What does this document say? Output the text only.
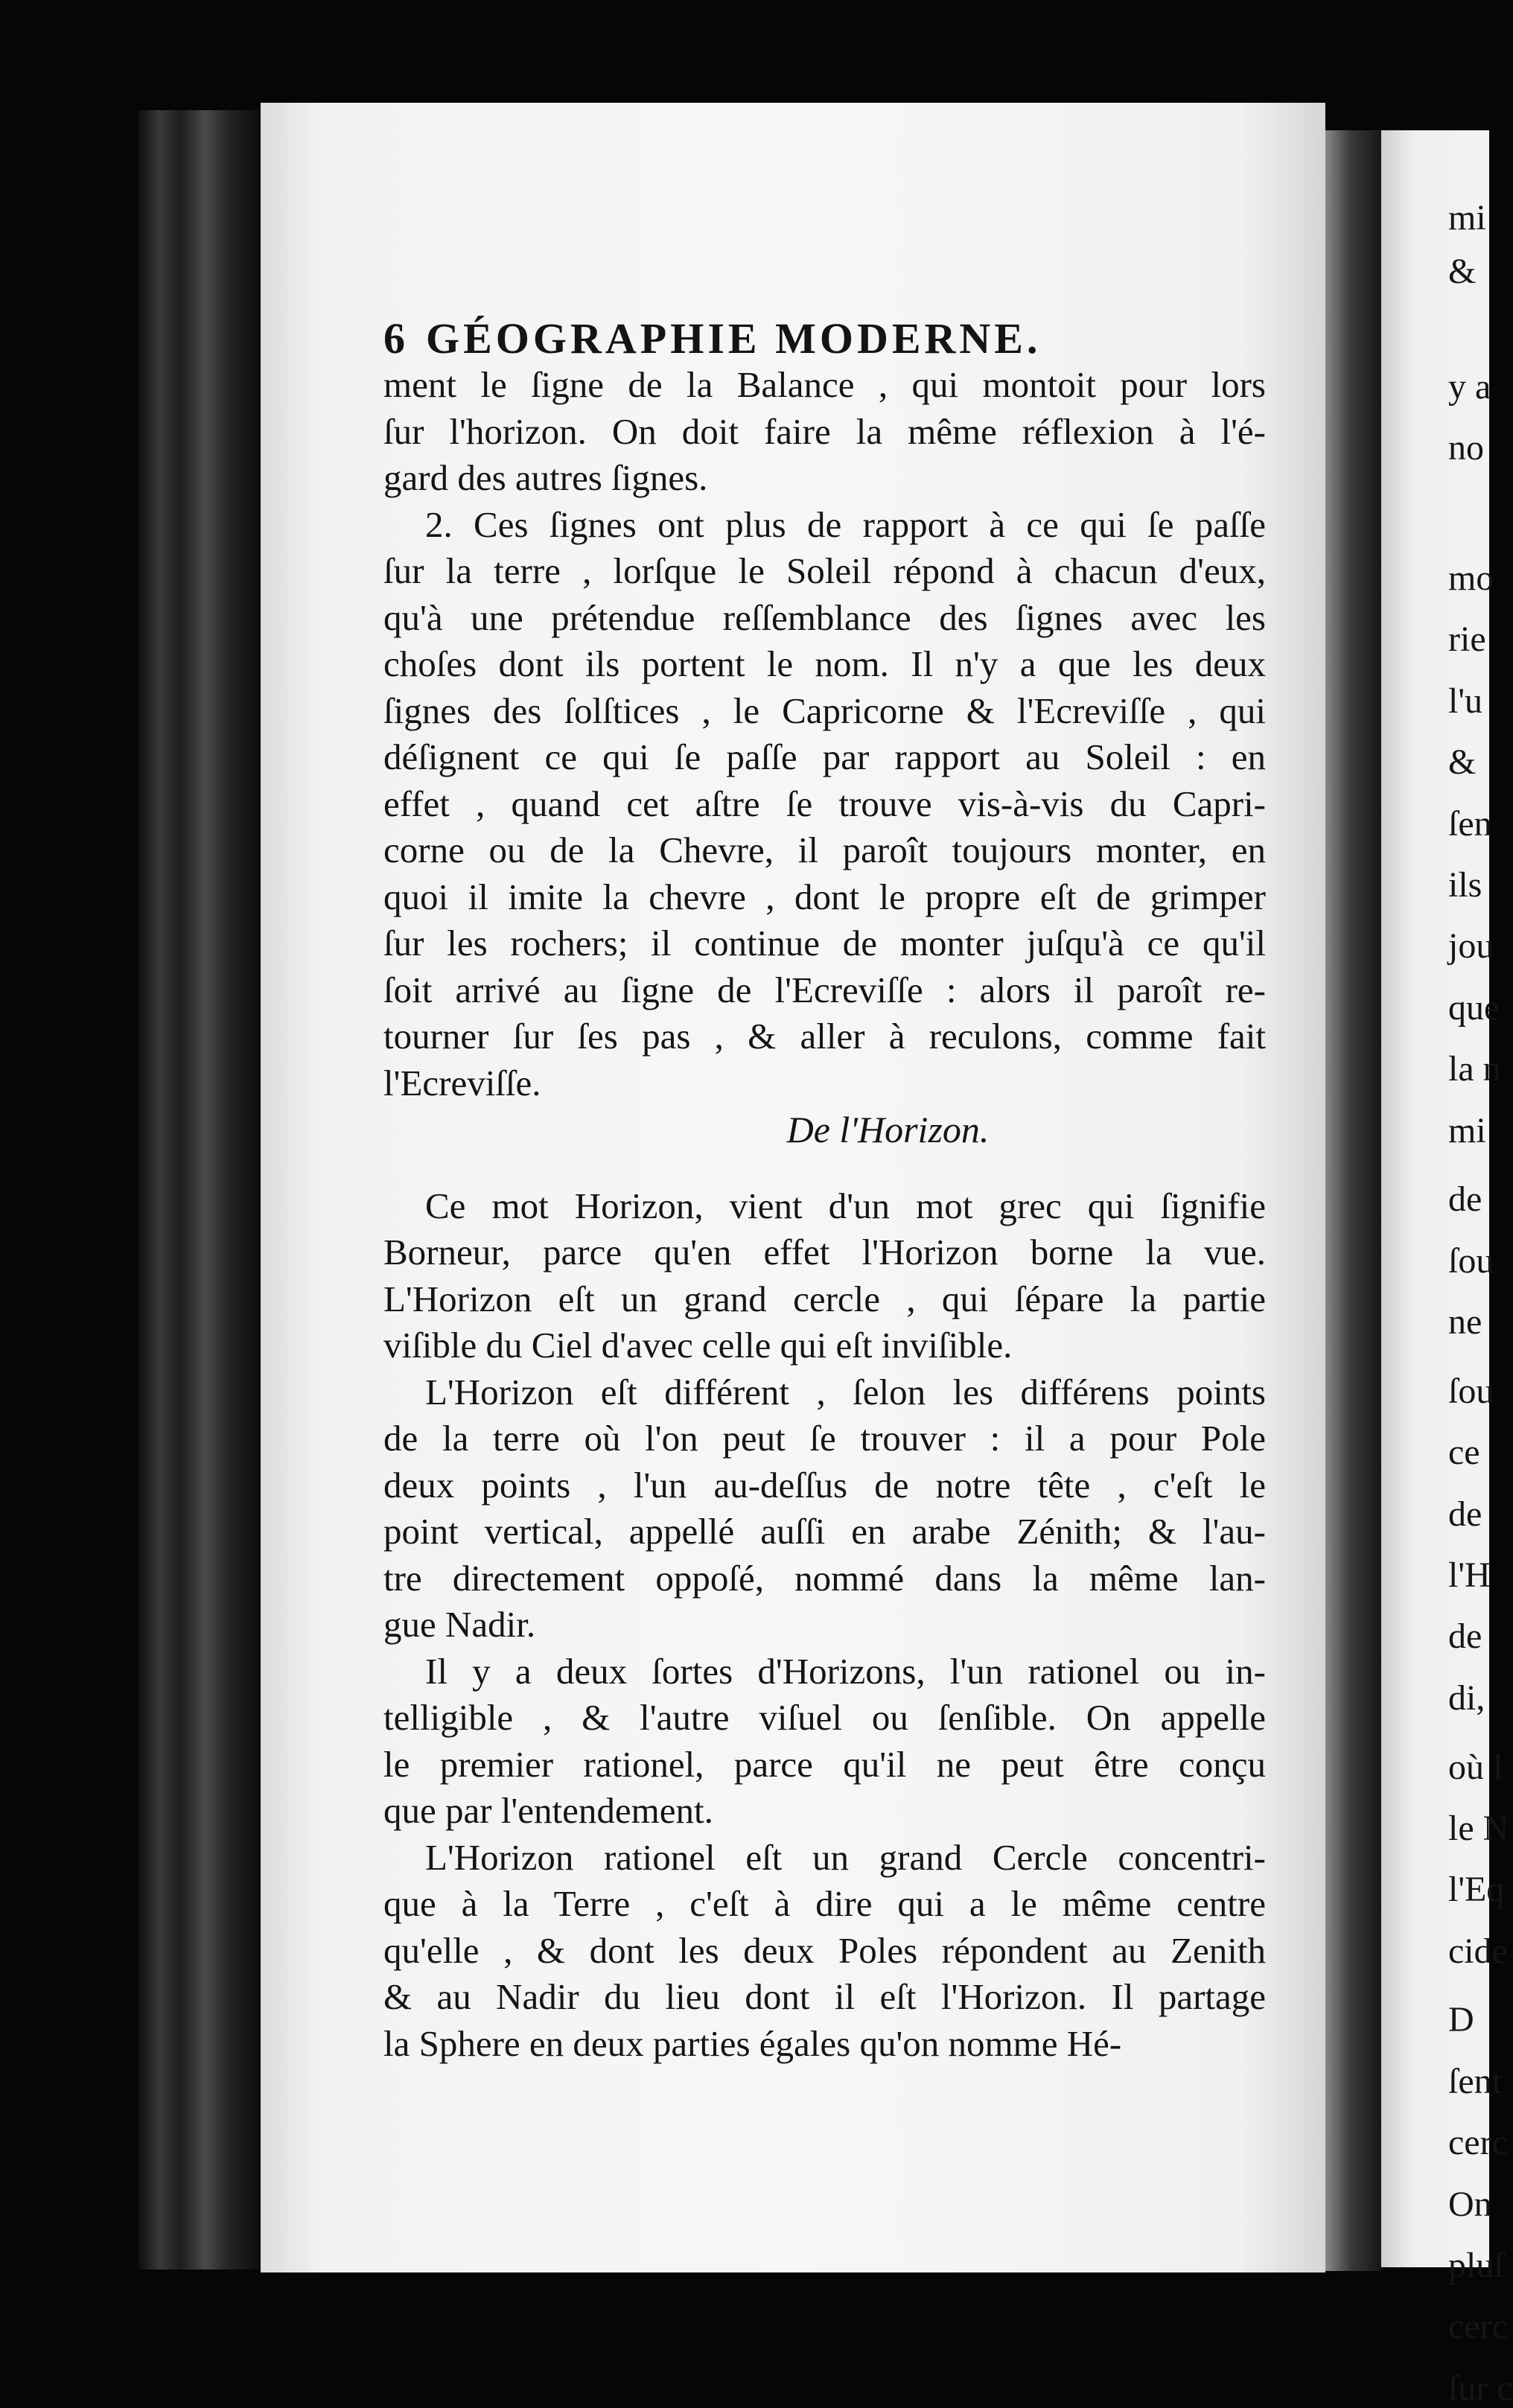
mi
&
y a
no
mo
rie
l'u
&
ſen
ils
jou
que
la n
mi
de
ſou
ne
ſou
ce
de
l'H
de
di,
où l
le N
l'Eq
cide
D
ſent
cerc
On
pluſ
cerc
ſur c
6 GÉOGRAPHIE MODERNE.
ment le ſigne de la Balance , qui montoit pour lors
ſur l'horizon. On doit faire la même réflexion à l'é-
gard des autres ſignes.
2. Ces ſignes ont plus de rapport à ce qui ſe paſſe
ſur la terre , lorſque le Soleil répond à chacun d'eux,
qu'à une prétendue reſſemblance des ſignes avec les
choſes dont ils portent le nom. Il n'y a que les deux
ſignes des ſolſtices , le Capricorne & l'Ecreviſſe , qui
déſignent ce qui ſe paſſe par rapport au Soleil : en
effet , quand cet aſtre ſe trouve vis-à-vis du Capri-
corne ou de la Chevre, il paroît toujours monter, en
quoi il imite la chevre , dont le propre eſt de grimper
ſur les rochers; il continue de monter juſqu'à ce qu'il
ſoit arrivé au ſigne de l'Ecreviſſe : alors il paroît re-
tourner ſur ſes pas , & aller à reculons, comme fait
l'Ecreviſſe.
De l'Horizon.
Ce mot Horizon, vient d'un mot grec qui ſignifie
Borneur, parce qu'en effet l'Horizon borne la vue.
L'Horizon eſt un grand cercle , qui ſépare la partie
viſible du Ciel d'avec celle qui eſt inviſible.
L'Horizon eſt différent , ſelon les différens points
de la terre où l'on peut ſe trouver : il a pour Pole
deux points , l'un au-deſſus de notre tête , c'eſt le
point vertical, appellé auſſi en arabe Zénith; & l'au-
tre directement oppoſé, nommé dans la même lan-
gue Nadir.
Il y a deux ſortes d'Horizons, l'un rationel ou in-
telligible , & l'autre viſuel ou ſenſible. On appelle
le premier rationel, parce qu'il ne peut être conçu
que par l'entendement.
L'Horizon rationel eſt un grand Cercle concentri-
que à la Terre , c'eſt à dire qui a le même centre
qu'elle , & dont les deux Poles répondent au Zenith
& au Nadir du lieu dont il eſt l'Horizon. Il partage
la Sphere en deux parties égales qu'on nomme Hé-
